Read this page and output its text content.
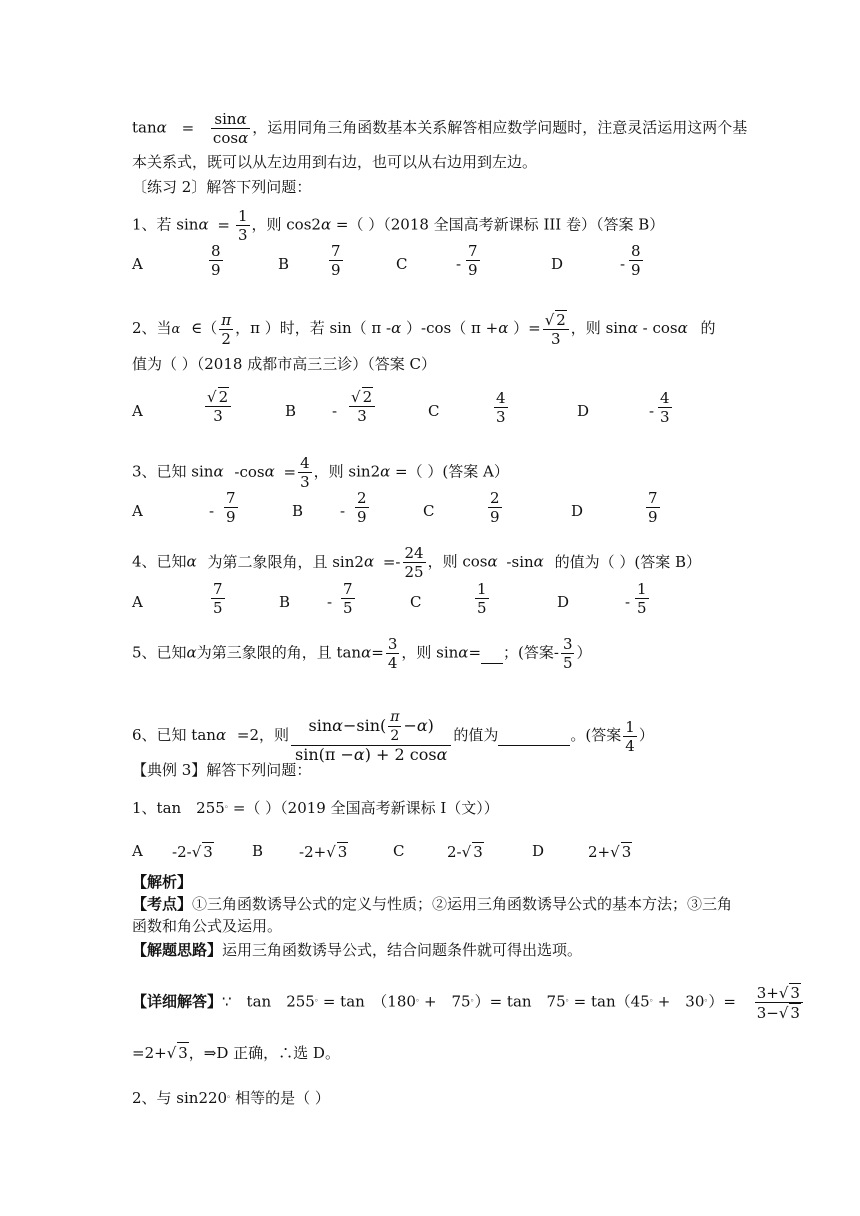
$\tan\alpha = \frac{\sin\alpha}{\cos\alpha}$ ，运用同角三角函数基本关系解答相应数学问题时，注意灵活运用这两个基
本关系式，既可以从左边用到右边，也可以从右边用到左边。
〔练习 2〕解答下列问题：
1、若 $\sin\alpha = \frac{1}{3}$ ，则 cos2α =（ ）（2018 全国高考新课标 III 卷）（答案 B）
A	$\frac{8}{9}$	B	$\frac{7}{9}$	C	- $\frac{7}{9}$	D	- $\frac{8}{9}$
2、当α ∈（ $\frac{\pi}{2}$ ，π ）时，若 sin（ π -α ）-cos（ π +α ）= $\frac{√ 2}{3}$ ，则 sinα - cosα 的
值为（ ）（2018 成都市高三三诊）（答案 C）
A	$\frac{√ 2}{3}$	B - $\frac{√ 2}{3}$	C	$\frac{4}{3}$	D	- $\frac{4}{3}$
3、已知 sinα $-\cos\alpha = \frac{4}{3}$ ，则 sin2α =（ ）(答案 A）
A	- $\frac{7}{9}$	B - $\frac{2}{9}$	C	$\frac{2}{9}$	D	$\frac{7}{9}$
4、已知α 为第二象限角，且 $\sin 2\alpha =- \frac{24}{25}$ ，则 cosα -sinα 的值为（ ）(答案 B）
A	$\frac{7}{5}$	B - $\frac{7}{5}$	C	$\frac{1}{5}$	D	- $\frac{1}{5}$
5、已知α为第三象限的角，且 $\tan\alpha= \frac{3}{4}$ ，则 sinα= ；(答案- $\frac{3}{5}$ ）
6、已知 tanα =2，则 $\frac{\sin\alpha-\sin( \frac{\pi}{2} -\alpha)}{\sin(\pi -\alpha) + 2 \cos\alpha}$ 的值为	。(答案 $\frac{1}{4}$ ）
【典例 3】解答下列问题：
1、tan　255。=（ ）（2019 全国高考新课标 I（文））
A -2-√ 3	B -2+√ 3	C	2-√ 3	D	2+√ 3
【解析】
【考点】①三角函数诱导公式的定义与性质；②运用三角函数诱导公式的基本方法；③三角
函数和角公式及运用。
【解题思路】运用三角函数诱导公式，结合问题条件就可得出选项。
【详细解答】∵　tan　255。= tan　（180。+　75。）= tan　75。= tan（45。+　$30^。)= \frac{3+√ 3}{3-√ 3}$
=2+√ 3，⇒D 正确，∴选 D。
2、与 sin220。相等的是（ ）
